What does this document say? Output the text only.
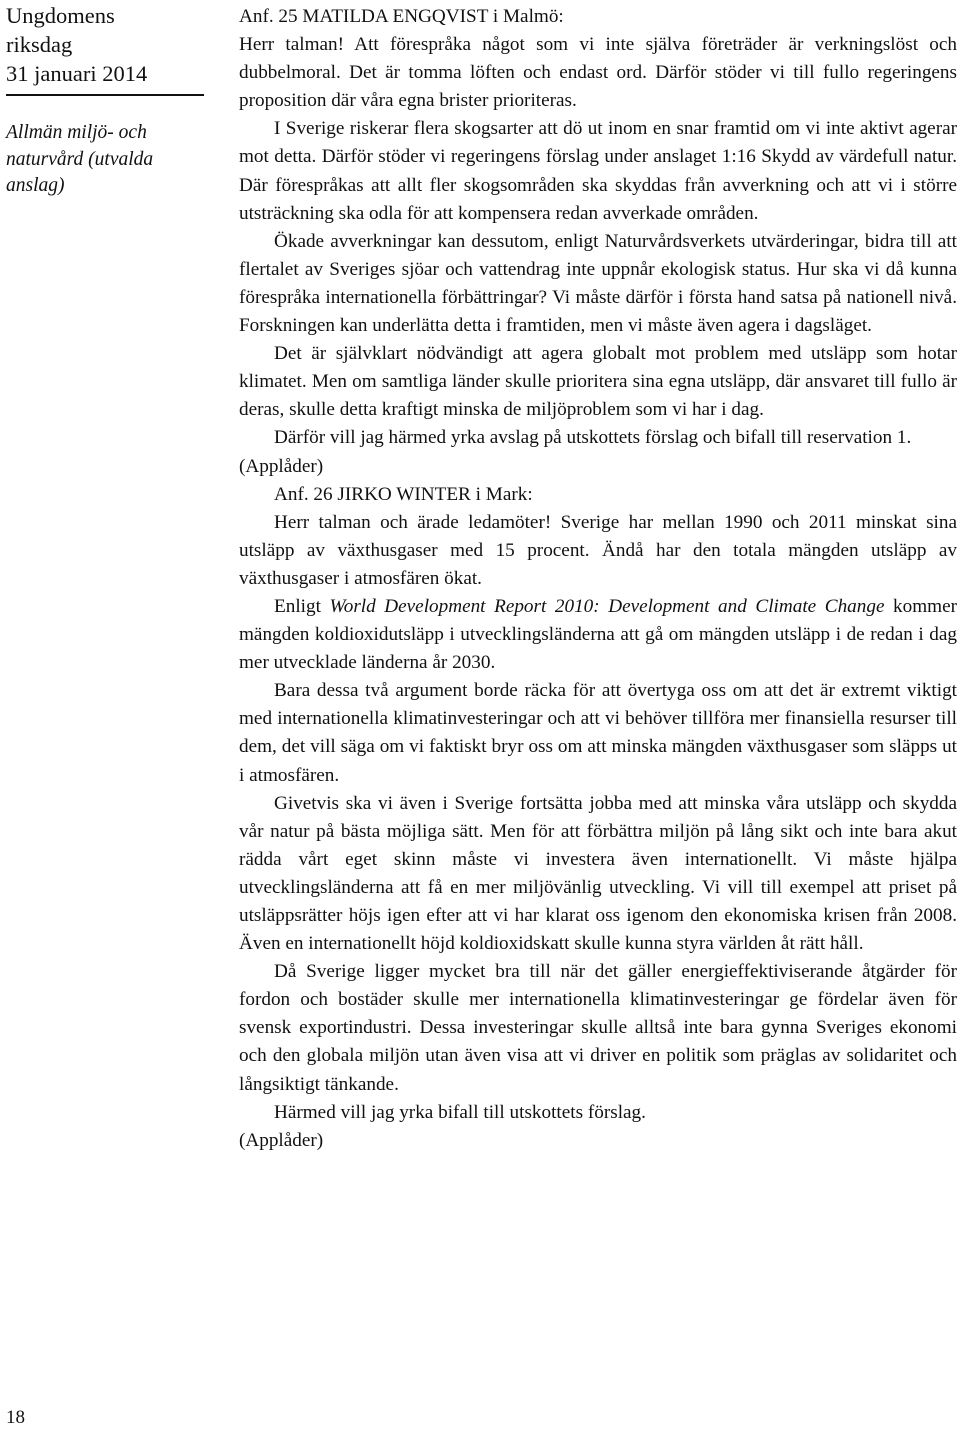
Ungdomens
riksdag
31 januari 2014
Allmän miljö- och
naturvård (utvalda
anslag)
18

Anf. 25 MATILDA ENGQVIST i Malmö:

Herr talman! Att förespråka något som vi inte själva företräder är verkningslöst och dubbelmoral. Det är tomma löften och endast ord. Därför stöder vi till fullo regeringens proposition där våra egna brister prioriteras.

I Sverige riskerar flera skogsarter att dö ut inom en snar framtid om vi inte aktivt agerar mot detta. Därför stöder vi regeringens förslag under anslaget 1:16 Skydd av värdefull natur. Där förespråkas att allt fler skogsområden ska skyddas från avverkning och att vi i större utsträckning ska odla för att kompensera redan avverkade områden.

Ökade avverkningar kan dessutom, enligt Naturvårdsverkets utvärderingar, bidra till att flertalet av Sveriges sjöar och vattendrag inte uppnår ekologisk status. Hur ska vi då kunna förespråka internationella förbättringar? Vi måste därför i första hand satsa på nationell nivå. Forskningen kan underlätta detta i framtiden, men vi måste även agera i dagsläget.

Det är självklart nödvändigt att agera globalt mot problem med utsläpp som hotar klimatet. Men om samtliga länder skulle prioritera sina egna utsläpp, där ansvaret till fullo är deras, skulle detta kraftigt minska de miljöproblem som vi har i dag.

Därför vill jag härmed yrka avslag på utskottets förslag och bifall till reservation 1.

(Applåder)

Anf. 26 JIRKO WINTER i Mark:

Herr talman och ärade ledamöter! Sverige har mellan 1990 och 2011 minskat sina utsläpp av växthusgaser med 15 procent. Ändå har den totala mängden utsläpp av växthusgaser i atmosfären ökat.

Enligt World Development Report 2010: Development and Climate Change kommer mängden koldioxidutsläpp i utvecklingsländerna att gå om mängden utsläpp i de redan i dag mer utvecklade länderna år 2030.

Bara dessa två argument borde räcka för att övertyga oss om att det är extremt viktigt med internationella klimatinvesteringar och att vi behöver tillföra mer finansiella resurser till dem, det vill säga om vi faktiskt bryr oss om att minska mängden växthusgaser som släpps ut i atmosfären.

Givetvis ska vi även i Sverige fortsätta jobba med att minska våra utsläpp och skydda vår natur på bästa möjliga sätt. Men för att förbättra miljön på lång sikt och inte bara akut rädda vårt eget skinn måste vi investera även internationellt. Vi måste hjälpa utvecklingsländerna att få en mer miljövänlig utveckling. Vi vill till exempel att priset på utsläppsrätter höjs igen efter att vi har klarat oss igenom den ekonomiska krisen från 2008. Även en internationellt höjd koldioxidskatt skulle kunna styra världen åt rätt håll.

Då Sverige ligger mycket bra till när det gäller energieffektiviserande åtgärder för fordon och bostäder skulle mer internationella klimatinvesteringar ge fördelar även för svensk exportindustri. Dessa investeringar skulle alltså inte bara gynna Sveriges ekonomi och den globala miljön utan även visa att vi driver en politik som präglas av solidaritet och långsiktigt tänkande.

Härmed vill jag yrka bifall till utskottets förslag.

(Applåder)
